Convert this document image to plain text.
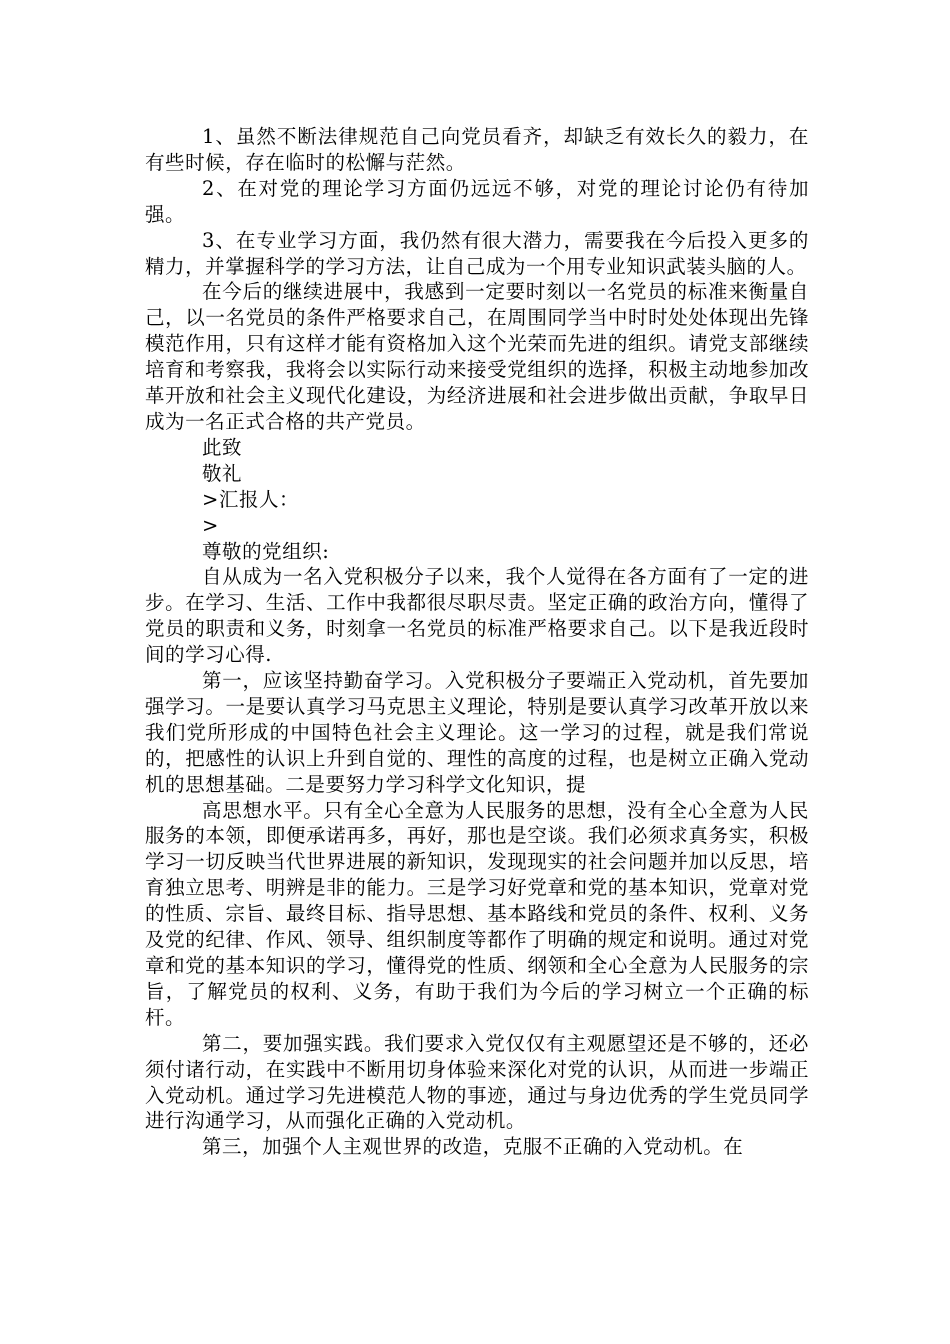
1、虽然不断法律规范自己向党员看齐，却缺乏有效长久的毅力，在有些时候，存在临时的松懈与茫然。

2、在对党的理论学习方面仍远远不够，对党的理论讨论仍有待加强。

3、在专业学习方面，我仍然有很大潜力，需要我在今后投入更多的精力，并掌握科学的学习方法，让自己成为一个用专业知识武装头脑的人。

在今后的继续进展中，我感到一定要时刻以一名党员的标准来衡量自己，以一名党员的条件严格要求自己，在周围同学当中时时处处体现出先锋模范作用，只有这样才能有资格加入这个光荣而先进的组织。请党支部继续培育和考察我，我将会以实际行动来接受党组织的选择，积极主动地参加改革开放和社会主义现代化建设，为经济进展和社会进步做出贡献，争取早日成为一名正式合格的共产党员。

此致

敬礼

>汇报人：

>

尊敬的党组织:

自从成为一名入党积极分子以来，我个人觉得在各方面有了一定的进步。在学习、生活、工作中我都很尽职尽责。坚定正确的政治方向，懂得了党员的职责和义务，时刻拿一名党员的标准严格要求自己。以下是我近段时间的学习心得.

第一，应该坚持勤奋学习。入党积极分子要端正入党动机，首先要加强学习。一是要认真学习马克思主义理论，特别是要认真学习改革开放以来我们党所形成的中国特色社会主义理论。这一学习的过程，就是我们常说的，把感性的认识上升到自觉的、理性的高度的过程，也是树立正确入党动机的思想基础。二是要努力学习科学文化知识，提

高思想水平。只有全心全意为人民服务的思想，没有全心全意为人民服务的本领，即便承诺再多，再好，那也是空谈。我们必须求真务实，积极学习一切反映当代世界进展的新知识，发现现实的社会问题并加以反思，培育独立思考、明辨是非的能力。三是学习好党章和党的基本知识，党章对党的性质、宗旨、最终目标、指导思想、基本路线和党员的条件、权利、义务及党的纪律、作风、领导、组织制度等都作了明确的规定和说明。通过对党章和党的基本知识的学习，懂得党的性质、纲领和全心全意为人民服务的宗旨，了解党员的权利、义务，有助于我们为今后的学习树立一个正确的标杆。

第二，要加强实践。我们要求入党仅仅有主观愿望还是不够的，还必须付诸行动，在实践中不断用切身体验来深化对党的认识，从而进一步端正入党动机。通过学习先进模范人物的事迹，通过与身边优秀的学生党员同学进行沟通学习，从而强化正确的入党动机。

第三，加强个人主观世界的改造，克服不正确的入党动机。在
